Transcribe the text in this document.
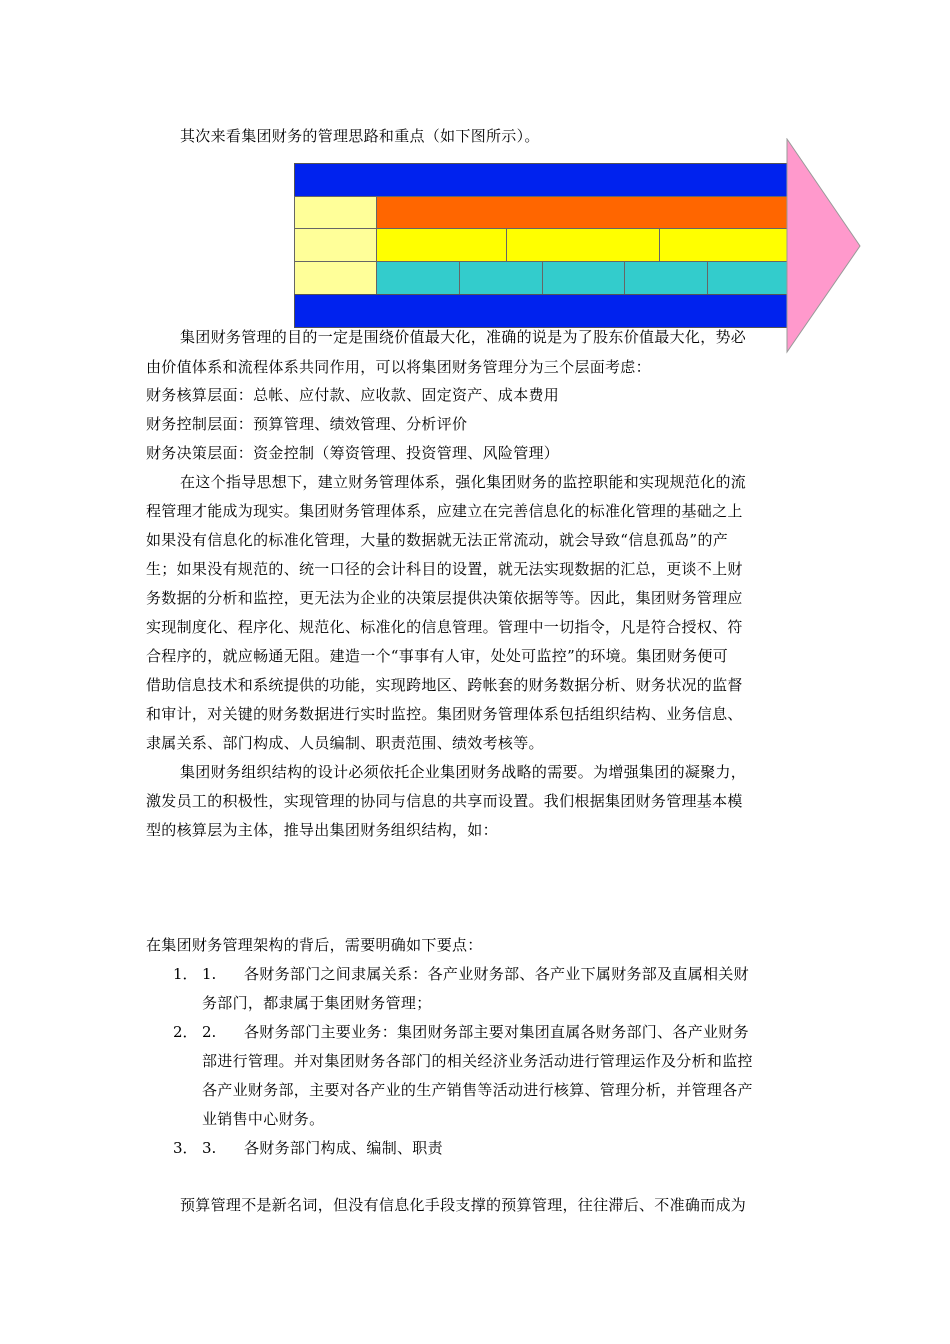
其次来看集团财务的管理思路和重点（如下图所示）。
集团财务管理的目的一定是围绕价值最大化，准确的说是为了股东价值最大化，势必
由价值体系和流程体系共同作用，可以将集团财务管理分为三个层面考虑：
财务核算层面：总帐、应付款、应收款、固定资产、成本费用
财务控制层面：预算管理、绩效管理、分析评价
财务决策层面：资金控制（筹资管理、投资管理、风险管理）
在这个指导思想下，建立财务管理体系，强化集团财务的监控职能和实现规范化的流
程管理才能成为现实。集团财务管理体系，应建立在完善信息化的标准化管理的基础之上
如果没有信息化的标准化管理，大量的数据就无法正常流动，就会导致“信息孤岛”的产
生；如果没有规范的、统一口径的会计科目的设置，就无法实现数据的汇总，更谈不上财
务数据的分析和监控，更无法为企业的决策层提供决策依据等等。因此，集团财务管理应
实现制度化、程序化、规范化、标准化的信息管理。管理中一切指令，凡是符合授权、符
合程序的，就应畅通无阻。建造一个“事事有人审，处处可监控”的环境。集团财务便可
借助信息技术和系统提供的功能，实现跨地区、跨帐套的财务数据分析、财务状况的监督
和审计，对关键的财务数据进行实时监控。集团财务管理体系包括组织结构、业务信息、
隶属关系、部门构成、人员编制、职责范围、绩效考核等。
集团财务组织结构的设计必须依托企业集团财务战略的需要。为增强集团的凝聚力，
激发员工的积极性，实现管理的协同与信息的共享而设置。我们根据集团财务管理基本模
型的核算层为主体，推导出集团财务组织结构，如：
在集团财务管理架构的背后，需要明确如下要点：
1． 1. 各财务部门之间隶属关系：各产业财务部、各产业下属财务部及直属相关财
务部门，都隶属于集团财务管理；
2． 2. 各财务部门主要业务：集团财务部主要对集团直属各财务部门、各产业财务
部进行管理。并对集团财务各部门的相关经济业务活动进行管理运作及分析和监控
各产业财务部，主要对各产业的生产销售等活动进行核算、管理分析，并管理各产
业销售中心财务。
3． 3. 各财务部门构成、编制、职责
预算管理不是新名词，但没有信息化手段支撑的预算管理，往往滞后、不准确而成为
